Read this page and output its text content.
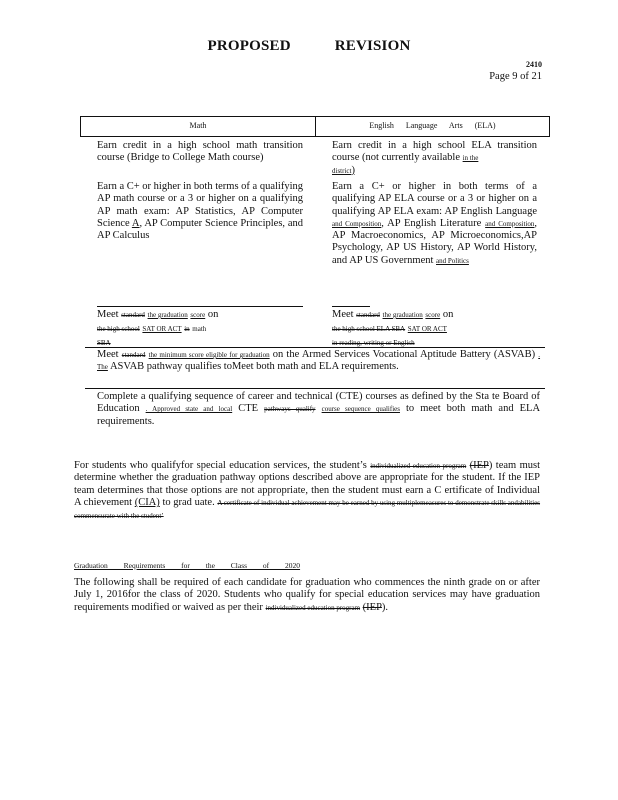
PROPOSED REVISION
2410
Page 9 of 21
Math	English Language Arts (ELA)
Earn credit in a high school math transition course (Bridge to College Math course)
Earn credit in a high school ELA transition course (not currently available in the
district)
Earn a C+ or higher in both terms of a qualifying AP math course or a 3 or higher on a qualifying AP math exam: AP Statistics, AP Computer Science A, AP Computer Science Principles, and AP Calculus
Earn a C+ or higher in both terms of a qualifying AP ELA course or a 3 or higher on a qualifying AP ELA exam: AP English Language and Composition, AP English Literature and Composition, AP Macroeconomics, AP Microeconomics,AP Psychology, AP US History, AP World History, and AP US Government and Politics
Meet standard the graduation score on
the high school SAT OR ACT in math
SBA
Meet standard the graduation score on
the high school ELA SBA SAT OR ACT
in reading, writing or English
Meet standard the minimum score eligible for graduation on the Armed Services Vocational Aptitude Battery (ASVAB) . The ASVAB pathway qualifies toMeet both math and ELA requirements.
Complete a qualifying sequence of career and technical (CTE) courses as defined by the Sta te Board of Education . Approved state and local CTE pathways qualify course sequence qualifies to meet both math and ELA requirements.
For students who qualifyfor special education services, the student’s individualized education program (IEP) team must determine whether the graduation pathway options described above are appropriate for the student. If the IEP team determines that those options are not appropriate, then the student must earn a C ertificate of Individual A chievement (CIA) to grad uate. A certificate of individual achievement may be earned by using multiplemeasures to demonstrate skills andabilities commensurate with the student’
Graduation Requirements for the Class of 2020
The following shall be required of each candidate for graduation who commences the ninth grade on or after July 1, 2016for the class of 2020. Students who qualify for special education services may have graduation requirements modified or waived as per their individualized education program (IEP).
